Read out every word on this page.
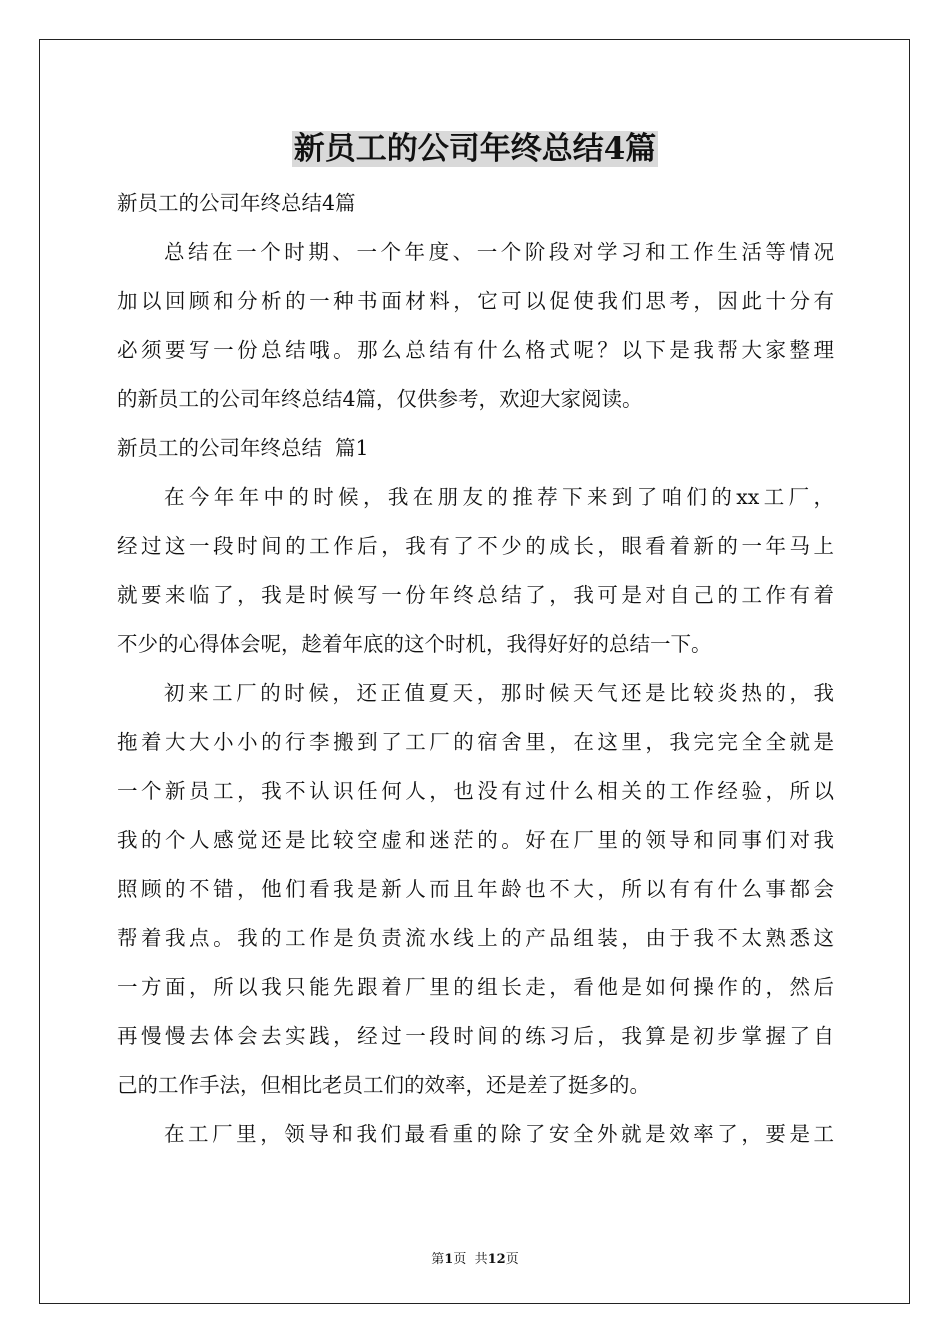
新员工的公司年终总结4篇
新员工的公司年终总结4篇
总结在一个时期、一个年度、一个阶段对学习和工作生活等情况
加以回顾和分析的一种书面材料，它可以促使我们思考，因此十分有
必须要写一份总结哦。那么总结有什么格式呢？以下是我帮大家整理
的新员工的公司年终总结4篇，仅供参考，欢迎大家阅读。
新员工的公司年终总结  篇1
在今年年中的时候，我在朋友的推荐下来到了咱们的xx工厂，
经过这一段时间的工作后，我有了不少的成长，眼看着新的一年马上
就要来临了，我是时候写一份年终总结了，我可是对自己的工作有着
不少的心得体会呢，趁着年底的这个时机，我得好好的总结一下。
初来工厂的时候，还正值夏天，那时候天气还是比较炎热的，我
拖着大大小小的行李搬到了工厂的宿舍里，在这里，我完完全全就是
一个新员工，我不认识任何人，也没有过什么相关的工作经验，所以
我的个人感觉还是比较空虚和迷茫的。好在厂里的领导和同事们对我
照顾的不错，他们看我是新人而且年龄也不大，所以有有什么事都会
帮着我点。我的工作是负责流水线上的产品组装，由于我不太熟悉这
一方面，所以我只能先跟着厂里的组长走，看他是如何操作的，然后
再慢慢去体会去实践，经过一段时间的练习后，我算是初步掌握了自
己的工作手法，但相比老员工们的效率，还是差了挺多的。
在工厂里，领导和我们最看重的除了安全外就是效率了，要是工
第1页  共12页
